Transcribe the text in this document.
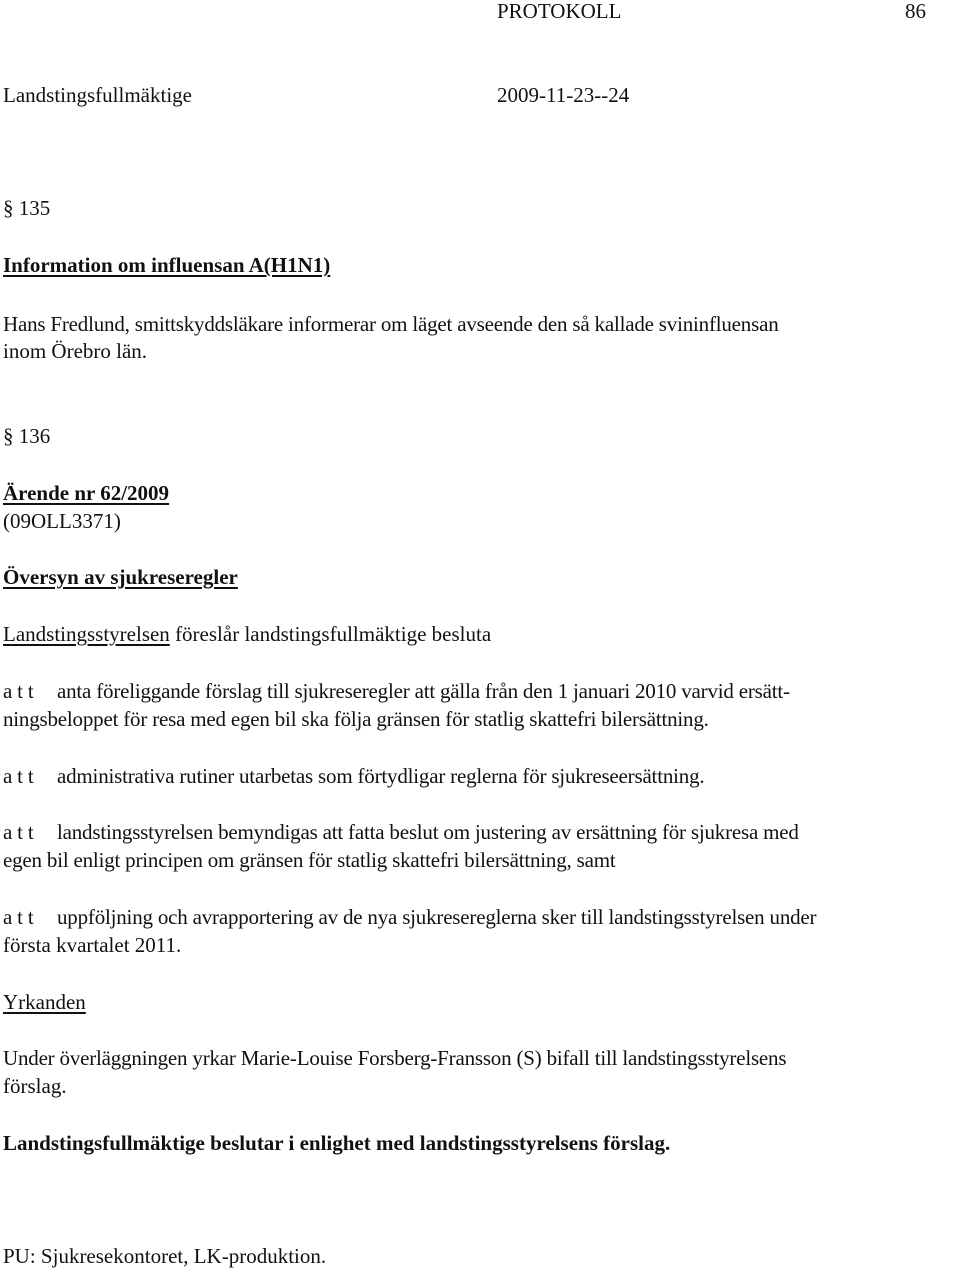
PROTOKOLL	86
Landstingsfullmäktige	2009-11-23--24
§ 135
Information om influensan A(H1N1)
Hans Fredlund, smittskyddsläkare informerar om läget avseende den så kallade svininfluensan
inom Örebro län.
§ 136
Ärende nr 62/2009
(09OLL3371)
Översyn av sjukreseregler
Landstingsstyrelsen föreslår landstingsfullmäktige besluta
a t t anta föreliggande förslag till sjukreseregler att gälla från den 1 januari 2010 varvid ersätt-
ningsbeloppet för resa med egen bil ska följa gränsen för statlig skattefri bilersättning.
a t t administrativa rutiner utarbetas som förtydligar reglerna för sjukreseersättning.
a t t landstingsstyrelsen bemyndigas att fatta beslut om justering av ersättning för sjukresa med
egen bil enligt principen om gränsen för statlig skattefri bilersättning, samt
a t t uppföljning och avrapportering av de nya sjukresereglerna sker till landstingsstyrelsen under
första kvartalet 2011.
Yrkanden
Under överläggningen yrkar Marie-Louise Forsberg-Fransson (S) bifall till landstingsstyrelsens
förslag.
Landstingsfullmäktige beslutar i enlighet med landstingsstyrelsens förslag.
PU: Sjukresekontoret, LK-produktion.
